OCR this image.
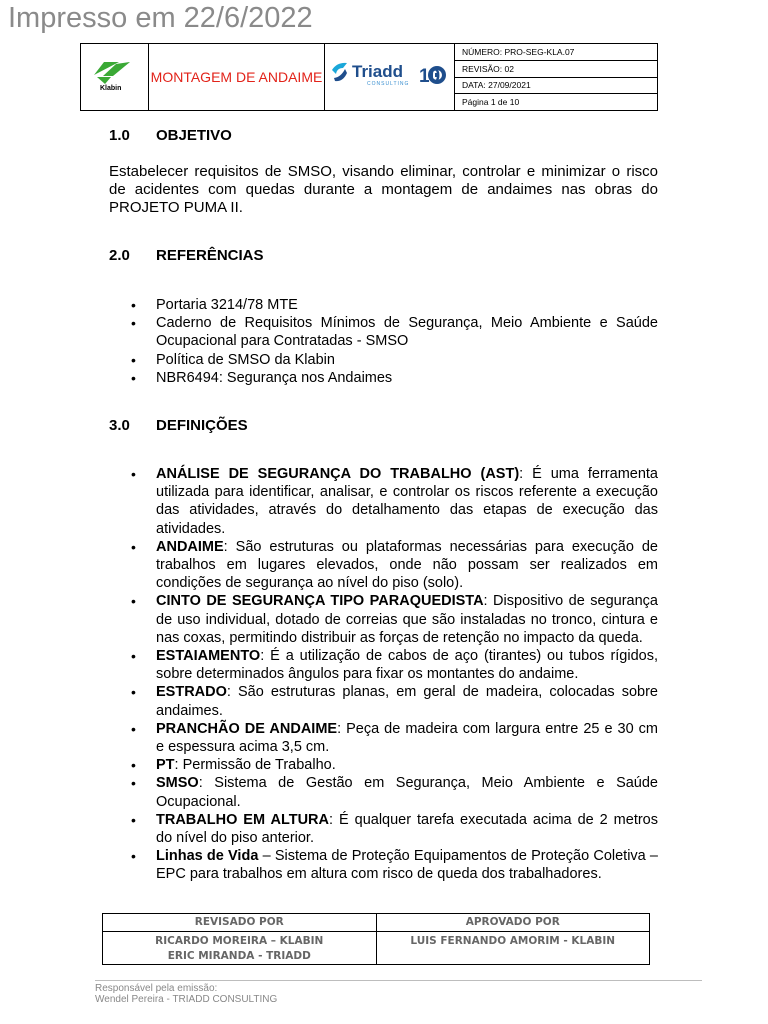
Impresso em 22/6/2022
Klabin
MONTAGEM DE ANDAIME	10
Triadd
CONSULTING
NÚMERO: PRO-SEG-KLA.07
REVISÃO: 02
DATA: 27/09/2021
Página 1 de 10
1.0 OBJETIVO
Estabelecer requisitos de SMSO, visando eliminar, controlar e minimizar o risco de acidentes com quedas durante a montagem de andaimes nas obras do PROJETO PUMA II.
2.0 REFERÊNCIAS
• Portaria 3214/78 MTE
• Caderno de Requisitos Mínimos de Segurança, Meio Ambiente e Saúde Ocupacional para Contratadas - SMSO
• Política de SMSO da Klabin
• NBR6494: Segurança nos Andaimes
3.0 DEFINIÇÕES
• ANÁLISE DE SEGURANÇA DO TRABALHO (AST): É uma ferramenta utilizada para identificar, analisar, e controlar os riscos referente a execução das atividades, através do detalhamento das etapas de execução das atividades.
• ANDAIME: São estruturas ou plataformas necessárias para execução de trabalhos em lugares elevados, onde não possam ser realizados em condições de segurança ao nível do piso (solo).
• CINTO DE SEGURANÇA TIPO PARAQUEDISTA: Dispositivo de segurança de uso individual, dotado de correias que são instaladas no tronco, cintura e nas coxas, permitindo distribuir as forças de retenção no impacto da queda.
• ESTAIAMENTO: É a utilização de cabos de aço (tirantes) ou tubos rígidos, sobre determinados ângulos para fixar os montantes do andaime.
• ESTRADO: São estruturas planas, em geral de madeira, colocadas sobre andaimes.
• PRANCHÃO DE ANDAIME: Peça de madeira com largura entre 25 e 30 cm e espessura acima 3,5 cm.
• PT: Permissão de Trabalho.
• SMSO: Sistema de Gestão em Segurança, Meio Ambiente e Saúde Ocupacional.
• TRABALHO EM ALTURA: É qualquer tarefa executada acima de 2 metros do nível do piso anterior.
• Linhas de Vida – Sistema de Proteção Equipamentos de Proteção Coletiva – EPC para trabalhos em altura com risco de queda dos trabalhadores.
REVISADO POR	APROVADO POR
RICARDO MOREIRA – KLABIN
ERIC MIRANDA - TRIADD
LUIS FERNANDO AMORIM - KLABIN
Responsável pela emissão:
Wendel Pereira - TRIADD CONSULTING
